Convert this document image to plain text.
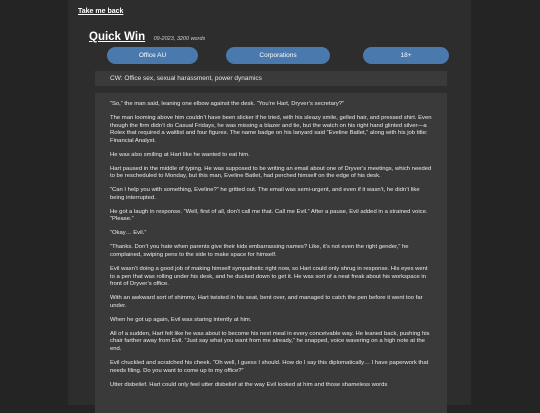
Take me back
Quick Win 09-2023, 3200 words
Office AU	Corporations	18+
CW: Office sex, sexual harassment, power dynamics

“So,” the man said, leaning one elbow against the desk. “You’re Hart, Dryver’s secretary?”

The man looming above him couldn’t have been slicker if he tried, with his sleazy smile, gelled hair, and pressed shirt. Even though the firm didn’t do Casual Fridays, he was missing a blazer and tie, but the watch on his right hand glinted silver—a Rolex that required a waitlist and four figures. The name badge on his lanyard said “Eveline Batlet,” along with his job title: Financial Analyst.

He was also smiling at Hart like he wanted to eat him.

Hart paused in the middle of typing. He was supposed to be writing an email about one of Dryver’s meetings, which needed to be rescheduled to Monday, but this man, Eveline Batlet, had perched himself on the edge of his desk.

“Can I help you with something, Eveline?” he gritted out. The email was semi-urgent, and even if it wasn’t, he didn’t like being interrupted.

He got a laugh in response. “Well, first of all, don’t call me that. Call me Evil.” After a pause, Evil added in a strained voice. “Please.”

“Okay… Evil.”

“Thanks. Don’t you hate when parents give their kids embarrassing names? Like, it’s not even the right gender,” he complained, swiping pens to the side to make space for himself.

Evil wasn’t doing a good job of making himself sympathetic right now, so Hart could only shrug in response. His eyes went to a pen that was rolling under his desk, and he ducked down to get it. He was sort of a neat freak about his workspace in front of Dryver’s office.

With an awkward sort of shimmy, Hart twisted in his seat, bent over, and managed to catch the pen before it went too far under.

When he got up again, Evil was staring intently at him.

All of a sudden, Hart felt like he was about to become his next meal in every conceivable way. He leaned back, pushing his chair farther away from Evil. “Just say what you want from me already,” he snapped, voice wavering on a high note at the end.

Evil chuckled and scratched his cheek. “Oh well, I guess I should. How do I say this diplomatically… I have paperwork that needs filing. Do you want to come up to my office?”

Utter disbelief. Hart could only feel utter disbelief at the way Evil looked at him and those shameless words
